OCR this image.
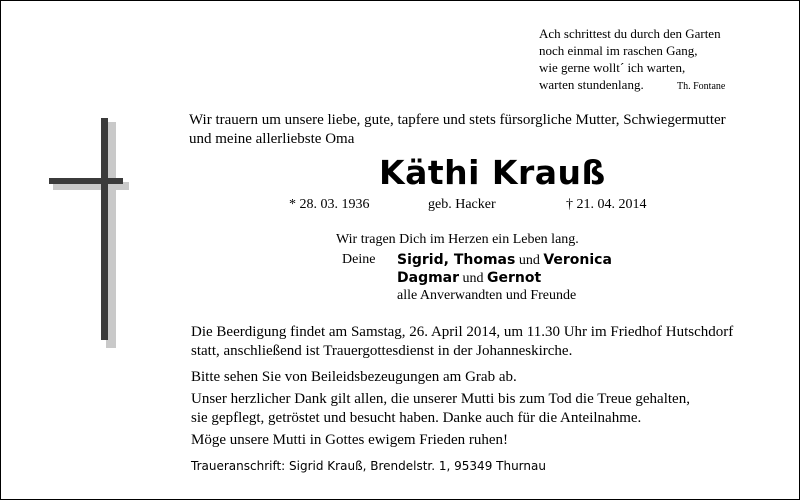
Ach schrittest du durch den Garten
noch einmal im raschen Gang,
wie gerne wollt´ ich warten,
warten stundenlang.	Th. Fontane
Wir trauern um unsere liebe, gute, tapfere und stets fürsorgliche Mutter, Schwiegermutter
und meine allerliebste Oma
Käthi Krauß
* 28. 03. 1936	geb. Hacker	† 21. 04. 2014
Wir tragen Dich im Herzen ein Leben lang.
Deine Sigrid, Thomas und Veronica
Dagmar und Gernot
alle Anverwandten und Freunde
Die Beerdigung findet am Samstag, 26. April 2014, um 11.30 Uhr im Friedhof Hutschdorf
statt, anschließend ist Trauergottesdienst in der Johanneskirche.
Bitte sehen Sie von Beileidsbezeugungen am Grab ab.
Unser herzlicher Dank gilt allen, die unserer Mutti bis zum Tod die Treue gehalten,
sie gepflegt, getröstet und besucht haben. Danke auch für die Anteilnahme.
Möge unsere Mutti in Gottes ewigem Frieden ruhen!
Traueranschrift: Sigrid Krauß, Brendelstr. 1, 95349 Thurnau
